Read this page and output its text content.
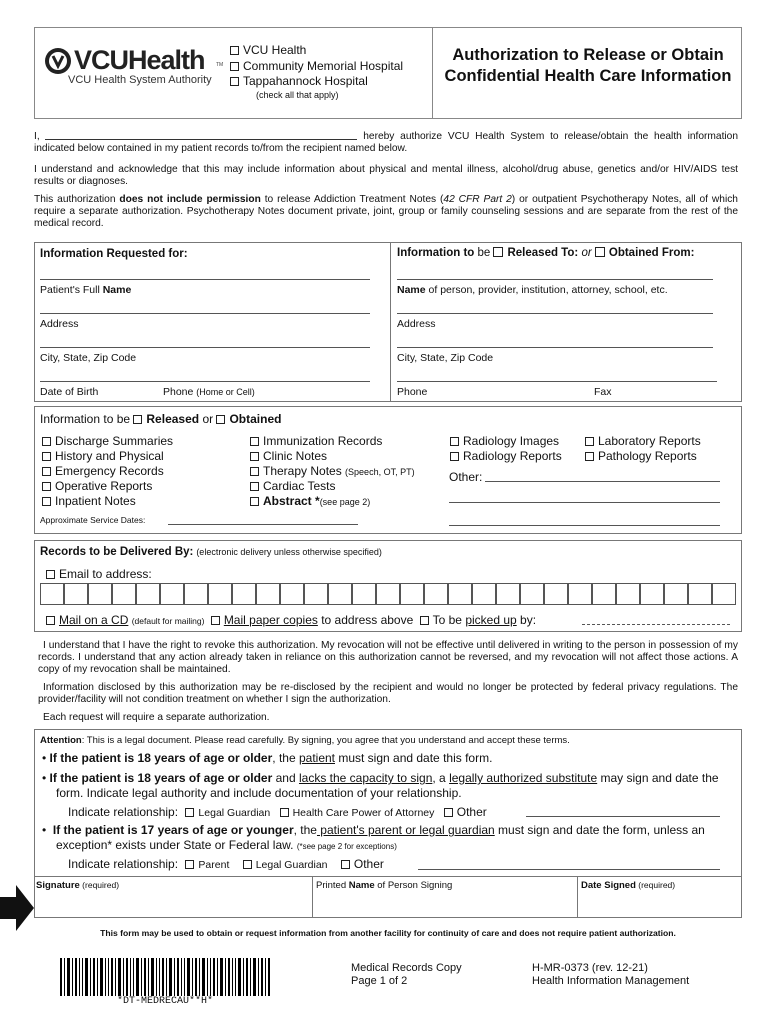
VCUHealth TM
VCU Health System Authority
VCU Health
Community Memorial Hospital
Tappahannock Hospital
(check all that apply)
Authorization to Release or Obtain Confidential Health Care Information
I,	hereby authorize VCU Health System to release/obtain the health information indicated below contained in my patient records to/from the recipient named below.
I understand and acknowledge that this may include information about physical and mental illness, alcohol/drug abuse, genetics and/or HIV/AIDS test results or diagnoses.
This authorization does not include permission to release Addiction Treatment Notes (42 CFR Part 2) or outpatient Psychotherapy Notes, all of which require a separate authorization. Psychotherapy Notes document private, joint, group or family counseling sessions and are separate from the rest of the medical record.
Information Requested for:
Patient's Full Name
Address
City, State, Zip Code
Date of Birth	Phone (Home or Cell)
Information to be Released To: or Obtained From:
Name of person, provider, institution, attorney, school, etc.
Address
City, State, Zip Code
Phone	Fax
Information to be Released or Obtained
Discharge Summaries
History and Physical
Emergency Records
Operative Reports
Inpatient Notes
Immunization Records
Clinic Notes
Therapy Notes (Speech, OT, PT)
Cardiac Tests
Abstract *(see page 2)
Radiology Images
Radiology Reports
Laboratory Reports
Pathology Reports
Other:
Approximate Service Dates:
Records to be Delivered By: (electronic delivery unless otherwise specified)
Email to address:
Mail on a CD (default for mailing) Mail paper copies to address above To be picked up by:
I understand that I have the right to revoke this authorization. My revocation will not be effective until delivered in writing to the person in possession of my records. I understand that any action already taken in reliance on this authorization cannot be reversed, and my revocation will not affect those actions. A copy of my revocation shall be maintained.
Information disclosed by this authorization may be re-disclosed by the recipient and would no longer be protected by federal privacy regulations. The provider/facility will not condition treatment on whether I sign the authorization.
Each request will require a separate authorization.
Attention: This is a legal document. Please read carefully. By signing, you agree that you understand and accept these terms.
• If the patient is 18 years of age or older, the patient must sign and date this form.
• If the patient is 18 years of age or older and lacks the capacity to sign, a legally authorized substitute may sign and date the form. Indicate legal authority and include documentation of your relationship.
Indicate relationship: Legal Guardian Health Care Power of Attorney Other
• If the patient is 17 years of age or younger, the patient's parent or legal guardian must sign and date the form, unless an exception* exists under State or Federal law. (*see page 2 for exceptions)
Indicate relationship: Parent	Legal Guardian Other
Signature (required)	Printed Name of Person Signing	Date Signed (required)
This form may be used to obtain or request information from another facility for continuity of care and does not require patient authorization.
*DT-MEDRECAU**H*
Medical Records Copy
Page 1 of 2
H-MR-0373 (rev. 12-21)
Health Information Management
